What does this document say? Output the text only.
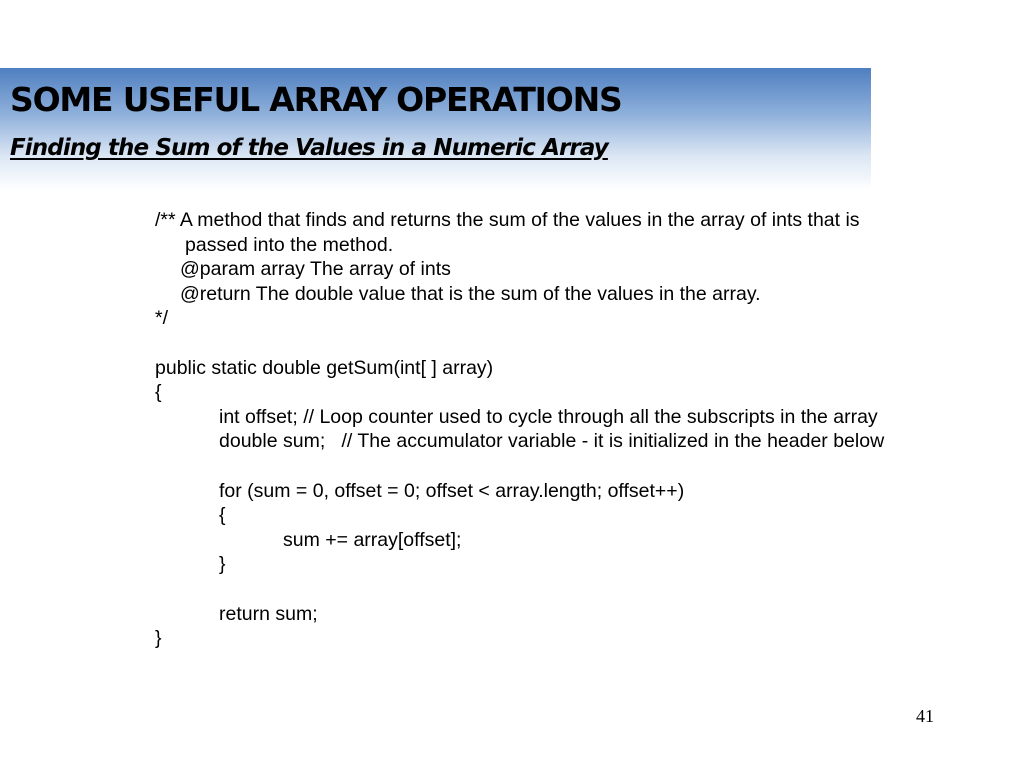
SOME USEFUL ARRAY OPERATIONS
Finding the Sum of the Values in a Numeric Array
/** A method that finds and returns the sum of the values in the array of ints that is
passed into the method.
@param array The array of ints
@return The double value that is the sum of the values in the array.
*/
public static double getSum(int[ ] array)
{
int offset; // Loop counter used to cycle through all the subscripts in the array
double sum;   // The accumulator variable - it is initialized in the header below
for (sum = 0, offset = 0; offset < array.length; offset++)
{
sum += array[offset];
}
return sum;
}
41
